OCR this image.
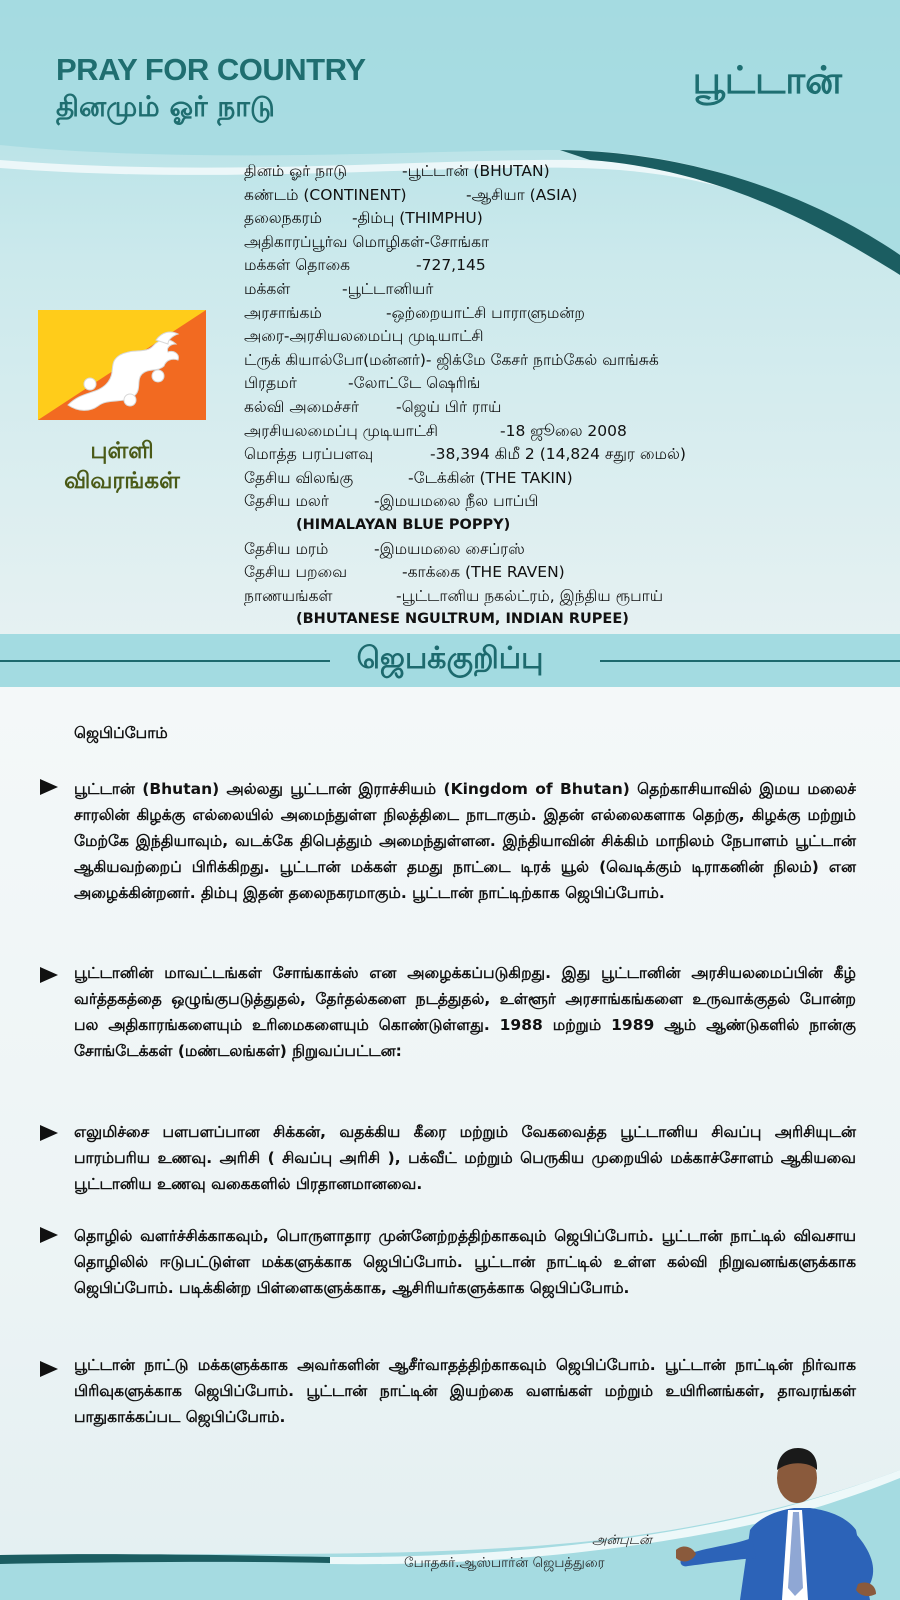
PRAY FOR COUNTRY
தினமும் ஓர் நாடு
பூட்டான்
புள்ளி
விவரங்கள்
தினம் ஓர் நாடு	-பூட்டான் (BHUTAN)
கண்டம் (CONTINENT)	-ஆசியா (ASIA)
தலைநகரம் -திம்பு (THIMPHU)
அதிகாரப்பூர்வ மொழிகள்-சோங்கா
மக்கள் தொகை	-727,145
மக்கள்	-பூட்டானியர்
அரசாங்கம்	-ஒற்றையாட்சி பாராளுமன்ற
அரை-அரசியலமைப்பு முடியாட்சி
ட்ருக் கியால்போ(மன்னர்)- ஜிக்மே கேசர் நாம்கேல் வாங்சுக்
பிரதமர்	-லோட்டே ஷெரிங்
கல்வி அமைச்சர் -ஜெய் பிர் ராய்
அரசியலமைப்பு முடியாட்சி	-18 ஜூலை 2008
மொத்த பரப்பளவு	-38,394 கிமீ 2 (14,824 சதுர மைல்)
தேசிய விலங்கு	-டேக்கின் (THE TAKIN)
தேசிய மலர்	-இமயமலை நீல பாப்பி
(HIMALAYAN BLUE POPPY)
தேசிய மரம்	-இமயமலை சைப்ரஸ்
தேசிய பறவை	-காக்கை (THE RAVEN)
நாணயங்கள்	-பூட்டானிய நகல்ட்ரம், இந்திய ரூபாய்
(BHUTANESE NGULTRUM, INDIAN RUPEE)
ஜெபக்குறிப்பு
ஜெபிப்போம்
பூட்டான் (Bhutan) அல்லது பூட்டான் இராச்சியம் (Kingdom of Bhutan) தெற்காசியாவில் இமய மலைச் சாரலின் கிழக்கு எல்லையில் அமைந்துள்ள நிலத்திடை நாடாகும். இதன் எல்லைகளாக தெற்கு, கிழக்கு மற்றும் மேற்கே இந்தியாவும், வடக்கே திபெத்தும் அமைந்துள்ளன. இந்தியாவின் சிக்கிம் மாநிலம் நேபாளம் பூட்டான் ஆகியவற்றைப் பிரிக்கிறது. பூட்டான் மக்கள் தமது நாட்டை டிரக் யூல் (வெடிக்கும் டிராகனின் நிலம்) என அழைக்கின்றனர். திம்பு இதன் தலைநகரமாகும். பூட்டான் நாட்டிற்காக ஜெபிப்போம்.
பூட்டானின் மாவட்டங்கள் சோங்காக்ஸ் என அழைக்கப்படுகிறது. இது பூட்டானின் அரசியலமைப்பின் கீழ் வர்த்தகத்தை ஒழுங்குபடுத்துதல், தேர்தல்களை நடத்துதல், உள்ளூர் அரசாங்கங்களை உருவாக்குதல் போன்ற பல அதிகாரங்களையும் உரிமைகளையும் கொண்டுள்ளது. 1988 மற்றும் 1989 ஆம் ஆண்டுகளில் நான்கு சோங்டேக்கள் (மண்டலங்கள்) நிறுவப்பட்டன:
எலுமிச்சை பளபளப்பான சிக்கன், வதக்கிய கீரை மற்றும் வேகவைத்த பூட்டானிய சிவப்பு அரிசியுடன் பாரம்பரிய உணவு. அரிசி ( சிவப்பு அரிசி ), பக்வீட் மற்றும் பெருகிய முறையில் மக்காச்சோளம் ஆகியவை பூட்டானிய உணவு வகைகளில் பிரதானமானவை.
தொழில் வளர்ச்சிக்காகவும், பொருளாதார முன்னேற்றத்திற்காகவும் ஜெபிப்போம். பூட்டான் நாட்டில் விவசாய தொழிலில் ஈடுபட்டுள்ள மக்களுக்காக ஜெபிப்போம். பூட்டான் நாட்டில் உள்ள கல்வி நிறுவனங்களுக்காக ஜெபிப்போம். படிக்கின்ற பிள்ளைகளுக்காக, ஆசிரியர்களுக்காக ஜெபிப்போம்.
பூட்டான் நாட்டு மக்களுக்காக அவர்களின் ஆசீர்வாதத்திற்காகவும் ஜெபிப்போம். பூட்டான் நாட்டின் நிர்வாக பிரிவுகளுக்காக ஜெபிப்போம். பூட்டான் நாட்டின் இயற்கை வளங்கள் மற்றும் உயிரினங்கள், தாவரங்கள் பாதுகாக்கப்பட ஜெபிப்போம்.
அன்புடன்
போதகர்.ஆஸ்பார்ன் ஜெபத்துரை
